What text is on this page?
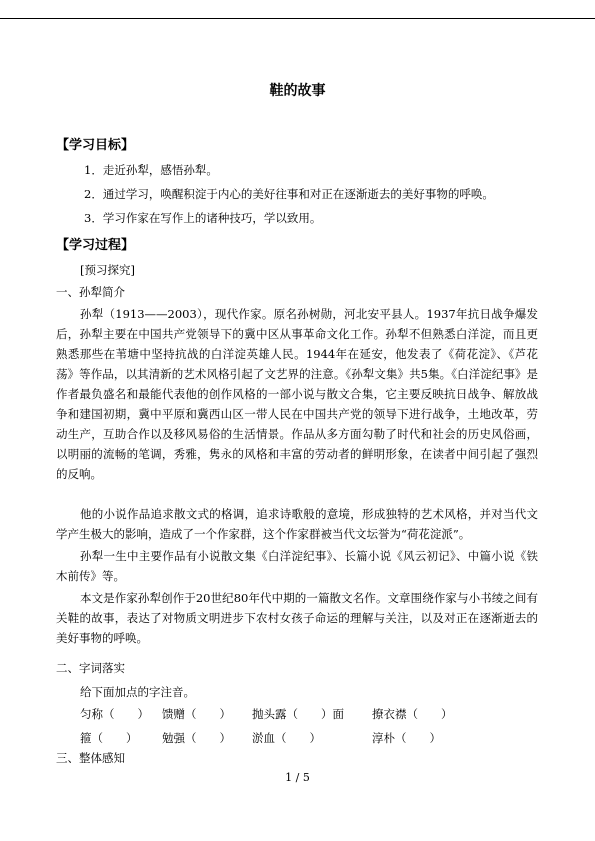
鞋的故事
【学习目标】
1．走近孙犁，感悟孙犁。
2．通过学习，唤醒积淀于内心的美好往事和对正在逐渐逝去的美好事物的呼唤。
3．学习作家在写作上的诸种技巧，学以致用。
【学习过程】
[预习探究]
一、孙犁简介
孙犁（1913——2003），现代作家。原名孙树勋，河北安平县人。1937年抗日战争爆发后，孙犁主要在中国共产党领导下的冀中区从事革命文化工作。孙犁不但熟悉白洋淀，而且更熟悉那些在苇塘中坚持抗战的白洋淀英雄人民。1944年在延安，他发表了《荷花淀》、《芦花荡》等作品，以其清新的艺术风格引起了文艺界的注意。《孙犁文集》共5集。《白洋淀纪事》是作者最负盛名和最能代表他的创作风格的一部小说与散文合集，它主要反映抗日战争、解放战争和建国初期，冀中平原和冀西山区一带人民在中国共产党的领导下进行战争，土地改革，劳动生产，互助合作以及移风易俗的生活情景。作品从多方面勾勒了时代和社会的历史风俗画，以明丽的流畅的笔调，秀雅，隽永的风格和丰富的劳动者的鲜明形象，在读者中间引起了强烈的反响。
他的小说作品追求散文式的格调，追求诗歌般的意境，形成独特的艺术风格，并对当代文学产生极大的影响，造成了一个作家群，这个作家群被当代文坛誉为“荷花淀派”。
孙犁一生中主要作品有小说散文集《白洋淀纪事》、长篇小说《风云初记》、中篇小说《铁木前传》等。
本文是作家孙犁创作于20世纪80年代中期的一篇散文名作。文章围绕作家与小书绫之间有关鞋的故事，表达了对物质文明进步下农村女孩子命运的理解与关注，以及对正在逐渐逝去的美好事物的呼唤。
二、字词落实
给下面加点的字注音。
匀称（　　） 馈赠（　　） 抛头露（　　）面 撩衣襟（　　）
箍（　　） 勉强（　　） 淤血（　　）	淳朴（　　）
三、整体感知
1 / 5
